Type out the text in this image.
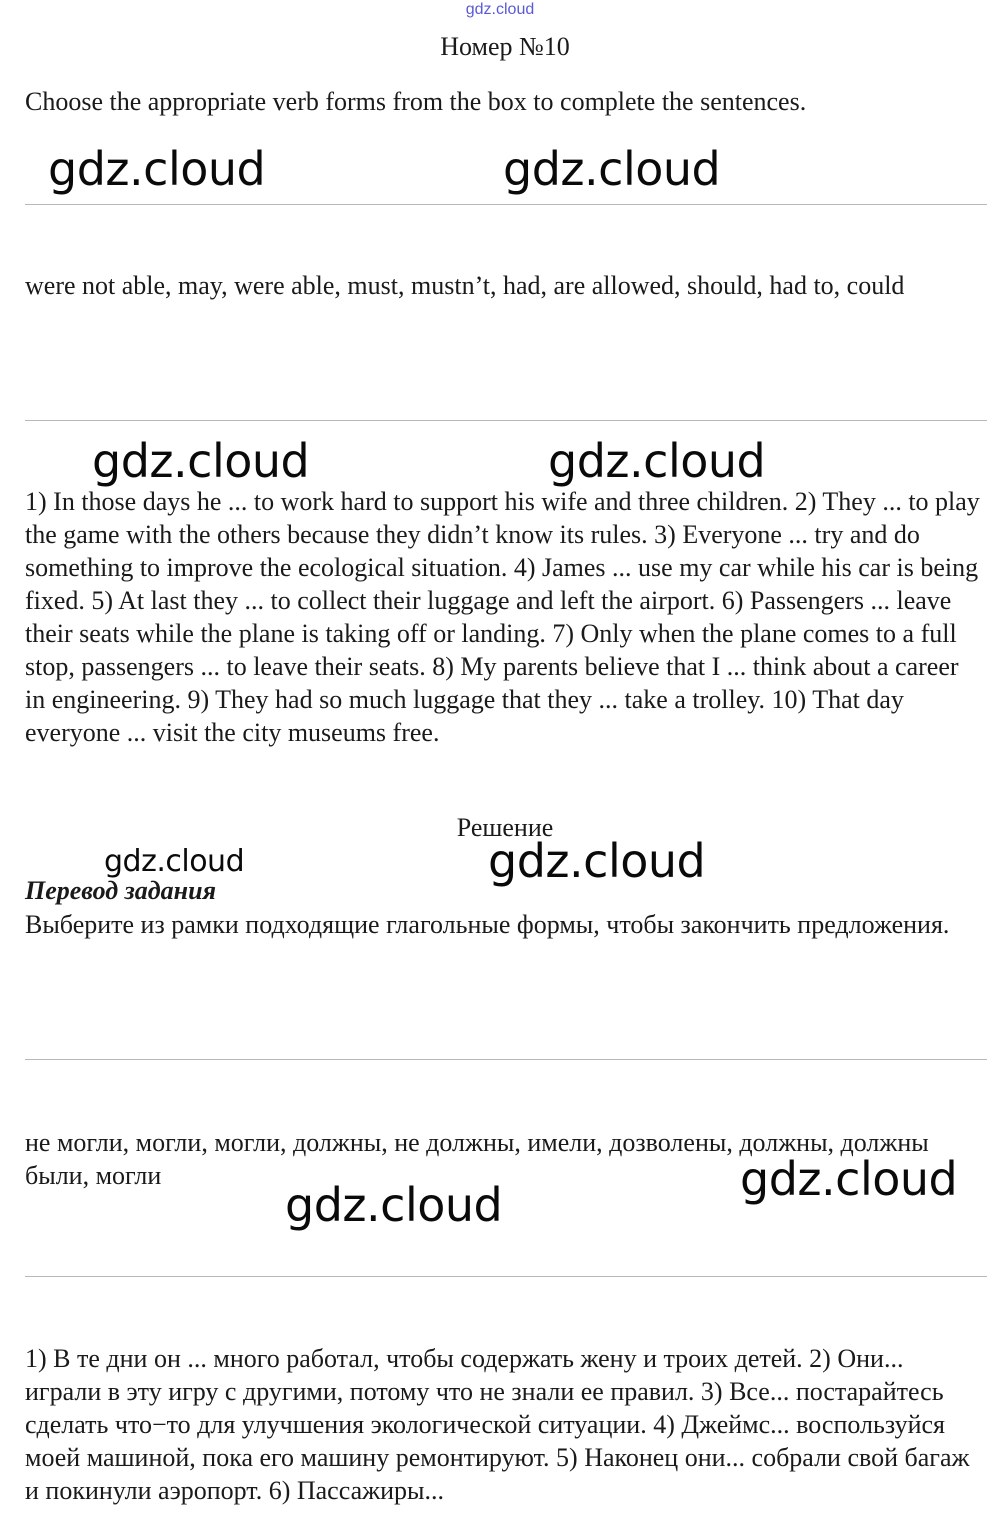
gdz.cloud
Номер №10

Choose the appropriate verb forms from the box to complete the sentences.

gdz.cloud	gdz.cloud

were not able, may, were able, must, mustn’t, had, are allowed, should, had to, could

gdz.cloud	gdz.cloud

1) In those days he ... to work hard to support his wife and three children. 2) They ... to play the game with the others because they didn’t know its rules. 3) Everyone ... try and do something to improve the ecological situation. 4) James ... use my car while his car is being fixed. 5) At last they ... to collect their luggage and left the airport. 6) Passengers ... leave their seats while the plane is taking off or landing. 7) Only when the plane comes to a full stop, passengers ... to leave their seats. 8) My parents believe that I ... think about a career in engineering. 9) They had so much luggage that they ... take a trolley. 10) That day everyone ... visit the city museums free.

Решение
gdz.cloud	gdz.cloud
Перевод задания

Выберите из рамки подходящие глагольные формы, чтобы закончить предложения.

не могли, могли, могли, должны, не должны, имели, дозволены, должны, должны были, могли	gdz.cloud
gdz.cloud

1) В те дни он ... много работал, чтобы содержать жену и троих детей. 2) Они... играли в эту игру с другими, потому что не знали ее правил. 3) Все... постарайтесь сделать что−то для улучшения экологической ситуации. 4) Джеймс... воспользуйся моей машиной, пока его машину ремонтируют. 5) Наконец они... собрали свой багаж и покинули аэропорт. 6) Пассажиры...
